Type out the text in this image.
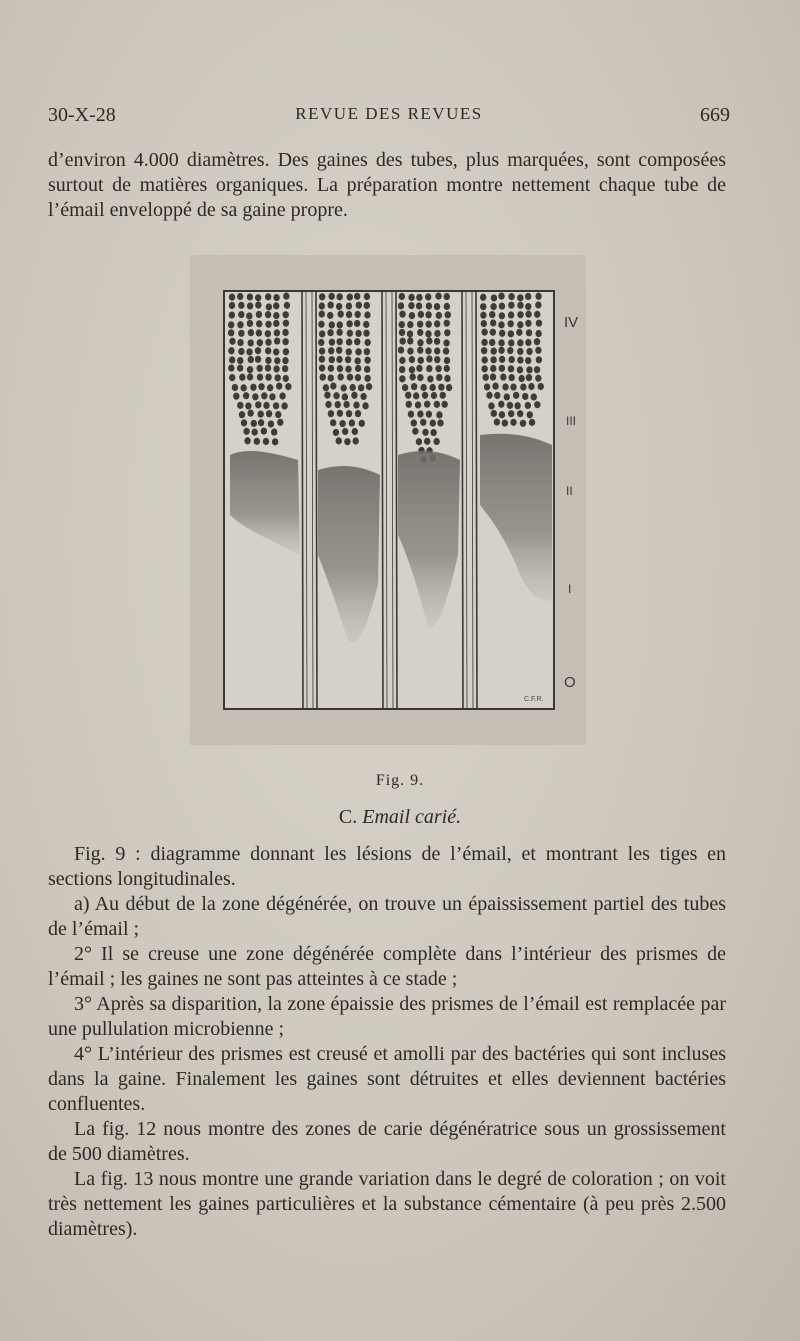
30-X-28	REVUE DES REVUES	669

d’environ 4.000 diamètres. Des gaines des tubes, plus marquées, sont composées surtout de matières organiques. La préparation montre nettement chaque tube de l’émail enveloppé de sa gaine propre.

IV
III
II
I
O
C.F.R.
Fig. 9.
C. Email carié.

Fig. 9 : diagramme donnant les lésions de l’émail, et montrant les tiges en sections longitudinales.

a) Au début de la zone dégénérée, on trouve un épaississement partiel des tubes de l’émail ;

2° Il se creuse une zone dégénérée complète dans l’intérieur des prismes de l’émail ; les gaines ne sont pas atteintes à ce stade ;

3° Après sa disparition, la zone épaissie des prismes de l’émail est remplacée par une pullulation microbienne ;

4° L’intérieur des prismes est creusé et amolli par des bactéries qui sont incluses dans la gaine. Finalement les gaines sont détruites et elles deviennent bactéries confluentes.

La fig. 12 nous montre des zones de carie dégénératrice sous un grossissement de 500 diamètres.

La fig. 13 nous montre une grande variation dans le degré de coloration ; on voit très nettement les gaines particulières et la substance cémentaire (à peu près 2.500 diamètres).
